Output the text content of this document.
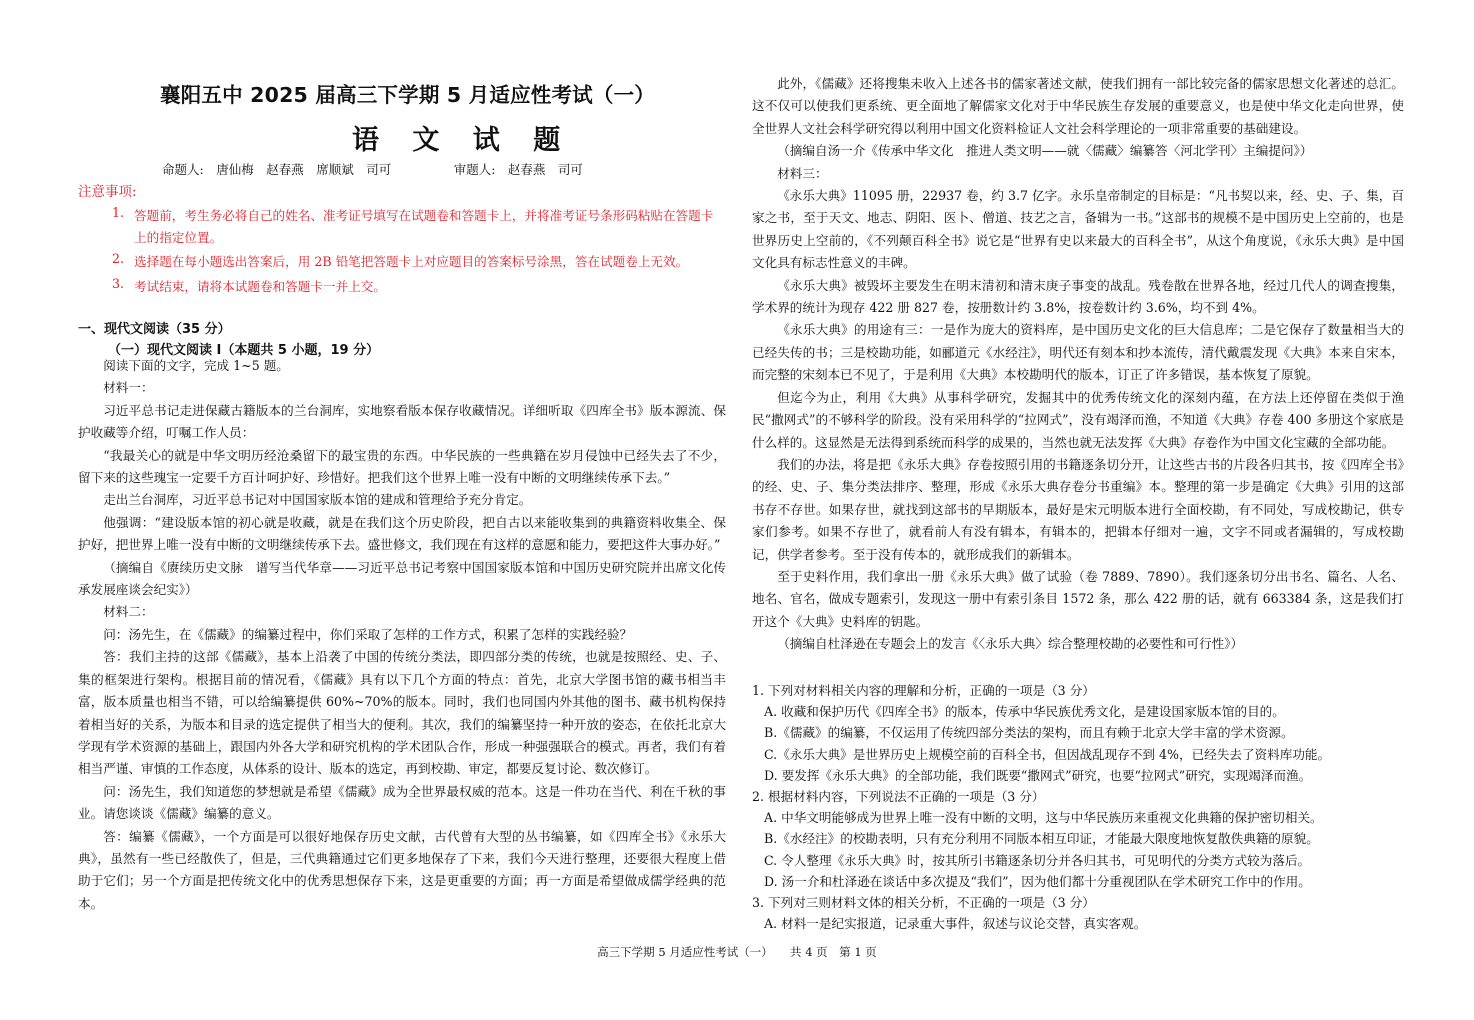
襄阳五中 2025 届高三下学期 5 月适应性考试（一）
语 文 试 题
命题人:　唐仙梅　赵春燕　席顺斌　司可　　　　　审题人:　赵春燕　司可
注意事项:
1. 答题前，考生务必将自己的姓名、准考证号填写在试题卷和答题卡上，并将准考证号条形码粘贴在答题卡上的指定位置。
2. 选择题在每小题选出答案后，用 2B 铅笔把答题卡上对应题目的答案标号涂黑，答在试题卷上无效。
3. 考试结束，请将本试题卷和答题卡一并上交。
一、现代文阅读（35 分）
（一）现代文阅读 I（本题共 5 小题，19 分）

阅读下面的文字，完成 1~5 题。

材料一：

习近平总书记走进保藏古籍版本的兰台洞库，实地察看版本保存收藏情况。详细听取《四库全书》版本源流、保护收藏等介绍，叮嘱工作人员：

“我最关心的就是中华文明历经沧桑留下的最宝贵的东西。中华民族的一些典籍在岁月侵蚀中已经失去了不少，留下来的这些瑰宝一定要千方百计呵护好、珍惜好。把我们这个世界上唯一没有中断的文明继续传承下去。”

走出兰台洞库，习近平总书记对中国国家版本馆的建成和管理给予充分肯定。

他强调：“建设版本馆的初心就是收藏，就是在我们这个历史阶段，把自古以来能收集到的典籍资料收集全、保护好，把世界上唯一没有中断的文明继续传承下去。盛世修文，我们现在有这样的意愿和能力，要把这件大事办好。”

（摘编自《赓续历史文脉　谱写当代华章——习近平总书记考察中国国家版本馆和中国历史研究院并出席文化传承发展座谈会纪实》）

材料二：

问：汤先生，在《儒藏》的编纂过程中，你们采取了怎样的工作方式，积累了怎样的实践经验？

答：我们主持的这部《儒藏》，基本上沿袭了中国的传统分类法，即四部分类的传统，也就是按照经、史、子、集的框架进行架构。根据目前的情况看，《儒藏》具有以下几个方面的特点：首先，北京大学图书馆的藏书相当丰富，版本质量也相当不错，可以给编纂提供 60%~70%的版本。同时，我们也同国内外其他的图书、藏书机构保持着相当好的关系，为版本和目录的选定提供了相当大的便利。其次，我们的编纂坚持一种开放的姿态，在依托北京大学现有学术资源的基础上，跟国内外各大学和研究机构的学术团队合作，形成一种强强联合的模式。再者，我们有着相当严谨、审慎的工作态度，从体系的设计、版本的选定，再到校勘、审定，都要反复讨论、数次修订。

问：汤先生，我们知道您的梦想就是希望《儒藏》成为全世界最权威的范本。这是一件功在当代、利在千秋的事业。请您谈谈《儒藏》编纂的意义。

答：编纂《儒藏》，一个方面是可以很好地保存历史文献，古代曾有大型的丛书编纂，如《四库全书》《永乐大典》，虽然有一些已经散佚了，但是，三代典籍通过它们更多地保存了下来，我们今天进行整理，还要很大程度上借助于它们；另一个方面是把传统文化中的优秀思想保存下来，这是更重要的方面；再一方面是希望做成儒学经典的范本。

此外，《儒藏》还将搜集未收入上述各书的儒家著述文献，使我们拥有一部比较完备的儒家思想文化著述的总汇。这不仅可以使我们更系统、更全面地了解儒家文化对于中华民族生存发展的重要意义，也是使中华文化走向世界，使全世界人文社会科学研究得以利用中国文化资料检证人文社会科学理论的一项非常重要的基础建设。

（摘编自汤一介《传承中华文化　推进人类文明——就〈儒藏〉编纂答〈河北学刊〉主编提问》）

材料三：

《永乐大典》11095 册，22937 卷，约 3.7 亿字。永乐皇帝制定的目标是：“凡书契以来，经、史、子、集，百家之书，至于天文、地志、阴阳、医卜、僧道、技艺之言，备辑为一书。”这部书的规模不是中国历史上空前的，也是世界历史上空前的，《不列颠百科全书》说它是“世界有史以来最大的百科全书”，从这个角度说，《永乐大典》是中国文化具有标志性意义的丰碑。

《永乐大典》被毁坏主要发生在明末清初和清末庚子事变的战乱。残卷散在世界各地，经过几代人的调查搜集，学术界的统计为现存 422 册 827 卷，按册数计约 3.8%，按卷数计约 3.6%，均不到 4%。

《永乐大典》的用途有三：一是作为庞大的资料库，是中国历史文化的巨大信息库；二是它保存了数量相当大的已经失传的书；三是校勘功能，如郦道元《水经注》，明代还有刻本和抄本流传，清代戴震发现《大典》本来自宋本，而完整的宋刻本已不见了，于是利用《大典》本校勘明代的版本，订正了许多错误，基本恢复了原貌。

但迄今为止，利用《大典》从事科学研究，发掘其中的优秀传统文化的深刻内蕴，在方法上还停留在类似于渔民“撒网式”的不够科学的阶段。没有采用科学的“拉网式”，没有竭泽而渔，不知道《大典》存卷 400 多册这个家底是什么样的。这显然是无法得到系统而科学的成果的，当然也就无法发挥《大典》存卷作为中国文化宝藏的全部功能。

我们的办法，将是把《永乐大典》存卷按照引用的书籍逐条切分开，让这些古书的片段各归其书，按《四库全书》的经、史、子、集分类法排序、整理，形成《永乐大典存卷分书重编》本。整理的第一步是确定《大典》引用的这部书存不存世。如果存世，就找到这部书的早期版本，最好是宋元明版本进行全面校勘，有不同处，写成校勘记，供专家们参考。如果不存世了，就看前人有没有辑本，有辑本的，把辑本仔细对一遍，文字不同或者漏辑的，写成校勘记，供学者参考。至于没有传本的，就形成我们的新辑本。

至于史料作用，我们拿出一册《永乐大典》做了试验（卷 7889、7890）。我们逐条切分出书名、篇名、人名、地名、官名，做成专题索引，发现这一册中有索引条目 1572 条，那么 422 册的话，就有 663384 条，这是我们打开这个《大典》史料库的钥匙。

（摘编自杜泽逊在专题会上的发言《〈永乐大典〉综合整理校勘的必要性和可行性》）

1. 下列对材料相关内容的理解和分析，正确的一项是（3 分）
A. 收藏和保护历代《四库全书》的版本，传承中华民族优秀文化，是建设国家版本馆的目的。
B.《儒藏》的编纂，不仅运用了传统四部分类法的架构，而且有赖于北京大学丰富的学术资源。
C.《永乐大典》是世界历史上规模空前的百科全书，但因战乱现存不到 4%，已经失去了资料库功能。
D. 要发挥《永乐大典》的全部功能，我们既要“撒网式”研究，也要“拉网式”研究，实现竭泽而渔。
2. 根据材料内容，下列说法不正确的一项是（3 分）
A. 中华文明能够成为世界上唯一没有中断的文明，这与中华民族历来重视文化典籍的保护密切相关。
B.《水经注》的校勘表明，只有充分利用不同版本相互印证，才能最大限度地恢复散佚典籍的原貌。
C. 令人整理《永乐大典》时，按其所引书籍逐条切分并各归其书，可见明代的分类方式较为落后。
D. 汤一介和杜泽逊在谈话中多次提及“我们”，因为他们都十分重视团队在学术研究工作中的作用。
3. 下列对三则材料文体的相关分析，不正确的一项是（3 分）
A. 材料一是纪实报道，记录重大事件，叙述与议论交替，真实客观。
高三下学期 5 月适应性考试（一）　　共 4 页　第 1 页
